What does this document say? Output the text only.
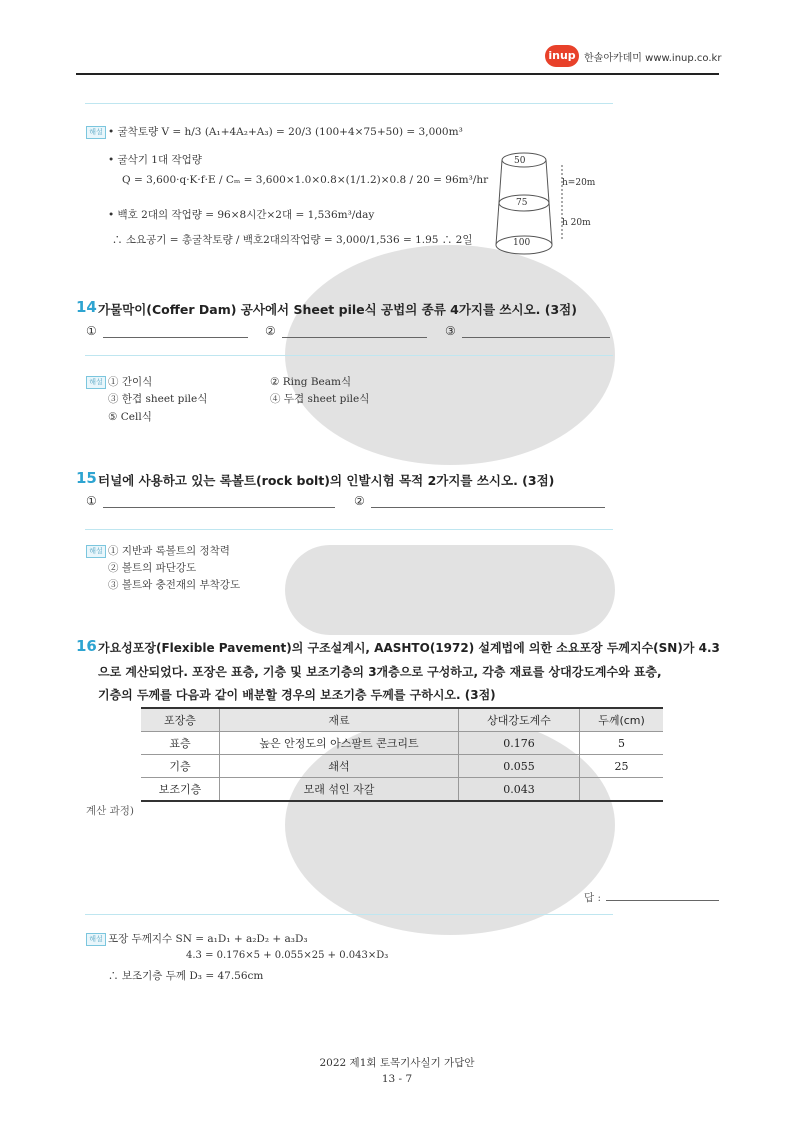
inup 한솔아카데미 www.inup.co.kr
해설 • 굴착토량 V = h/3 (A₁+4A₂+A₃) = 20/3 (100+4×75+50) = 3,000m³
• 굴삭기 1대 작업량
Q = 3,600·q·K·f·E / Cₘ = 3,600×1.0×0.8×(1/1.2)×0.8 / 20 = 96m³/hr
• 백호 2대의 작업량 = 96×8시간×2대 = 1,536m³/day
∴ 소요공기 = 총굴착토량 / 백호2대의작업량 = 3,000/1,536 = 1.95 ∴ 2일
50
75
100
h=20m
h 20m
14 가물막이(Coffer Dam) 공사에서 Sheet pile식 공법의 종류 4가지를 쓰시오. (3점)
①	②	③
해설 ① 간이식	② Ring Beam식
③ 한겹 sheet pile식	④ 두겹 sheet pile식
⑤ Cell식
15 터널에 사용하고 있는 록볼트(rock bolt)의 인발시험 목적 2가지를 쓰시오. (3점)
①	②
해설 ① 지반과 록볼트의 정착력
② 볼트의 파단강도
③ 볼트와 충전재의 부착강도
16 가요성포장(Flexible Pavement)의 구조설계시, AASHTO(1972) 설계법에 의한 소요포장 두께지수(SN)가 4.3
으로 계산되었다. 포장은 표층, 기층 및 보조기층의 3개층으로 구성하고, 각층 재료를 상대강도계수와 표층,
기층의 두께를 다음과 같이 배분할 경우의 보조기층 두께를 구하시오. (3점)
포장층	재료	상대강도계수	두께(cm)
표층	높은 안정도의 아스팔트 콘크리트	0.176	5
기층	쇄석	0.055	25
보조기층	모래 섞인 자갈	0.043	
계산 과정)
답 :
해설 포장 두께지수 SN = a₁D₁ + a₂D₂ + a₃D₃
4.3 = 0.176×5 + 0.055×25 + 0.043×D₃
∴ 보조기층 두께 D₃ = 47.56cm
2022 제1회 토목기사실기 가답안
13 - 7
